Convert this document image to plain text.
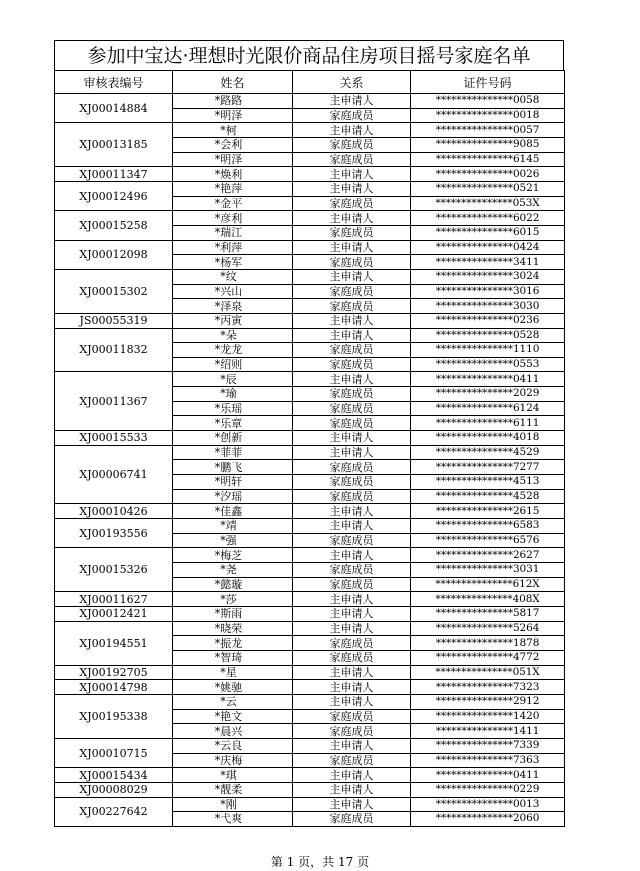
参加中宝达·理想时光限价商品住房项目摇号家庭名单
审核表编号	姓名	关系	证件号码
XJ00014884	*路路	主申请人	***************0058
	*明泽	家庭成员	***************0018
XJ00013185	*柯	主申请人	***************0057
	*会利	家庭成员	***************9085
	*明泽	家庭成员	***************6145
XJ00011347	*焕利	主申请人	***************0026
XJ00012496	*艳萍	主申请人	***************0521
	*金平	家庭成员	***************053X
XJ00015258	*彦利	主申请人	***************6022
	*瑞江	家庭成员	***************6015
XJ00012098	*利萍	主申请人	***************0424
	*杨军	家庭成员	***************3411
XJ00015302	*纹	主申请人	***************3024
	*兴山	家庭成员	***************3016
	*泽泉	家庭成员	***************3030
JS00055319	*丙寅	主申请人	***************0236
XJ00011832	*朵	主申请人	***************0528
	*龙龙	家庭成员	***************1110
	*绍则	家庭成员	***************0553
XJ00011367	*辰	主申请人	***************0411
	*瑜	家庭成员	***************2029
	*乐瑶	家庭成员	***************6124
	*乐章	家庭成员	***************6111
XJ00015533	*创新	主申请人	***************4018
XJ00006741	*菲菲	主申请人	***************4529
	*鹏飞	家庭成员	***************7277
	*明轩	家庭成员	***************4513
	*汐瑶	家庭成员	***************4528
XJ00010426	*佳鑫	主申请人	***************2615
XJ00193556	*靖	主申请人	***************6583
	*强	家庭成员	***************6576
XJ00015326	*梅芝	主申请人	***************2627
	*尧	家庭成员	***************3031
	*懿璇	家庭成员	***************612X
XJ00011627	*莎	主申请人	***************408X
XJ00012421	*斯雨	主申请人	***************5817
XJ00194551	*晓荣	主申请人	***************5264
	*振龙	家庭成员	***************1878
	*智琦	家庭成员	***************4772
XJ00192705	*星	主申请人	***************051X
XJ00014798	*姚驰	主申请人	***************7323
XJ00195338	*云	主申请人	***************2912
	*艳文	家庭成员	***************1420
	*晨兴	家庭成员	***************1411
XJ00010715	*云良	主申请人	***************7339
	*庆梅	家庭成员	***************7363
XJ00015434	*琪	主申请人	***************0411
XJ00008029	*靓柔	主申请人	***************0229
XJ00227642	*刚	主申请人	***************0013
	*弋爽	家庭成员	***************2060
第 1 页，共 17 页
